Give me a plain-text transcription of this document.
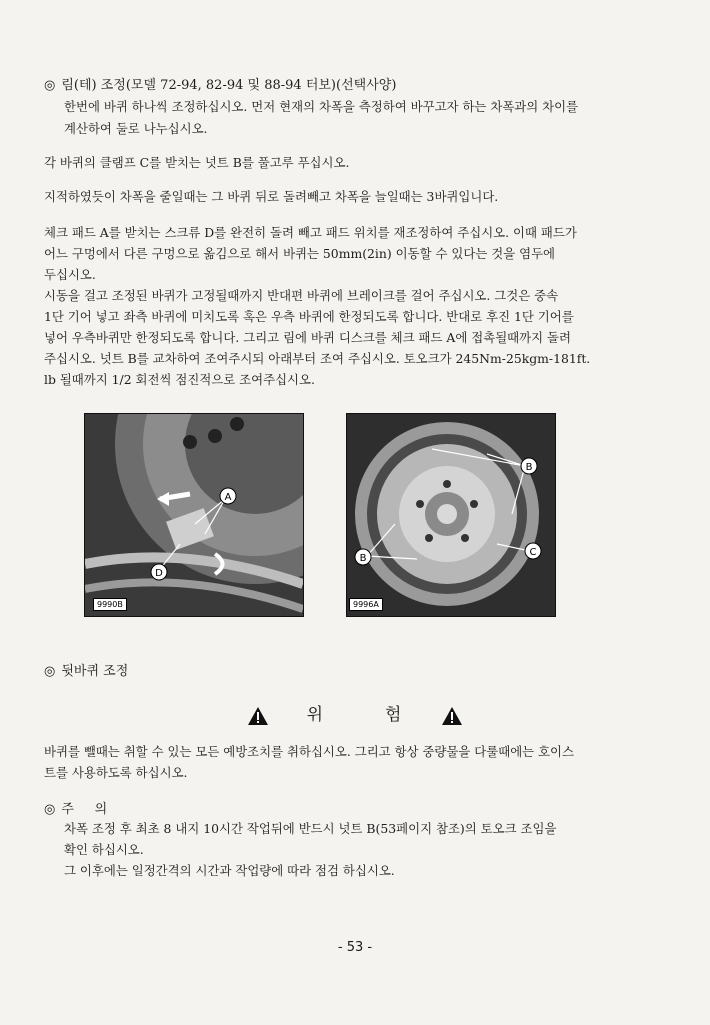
◎ 림(테) 조정(모델 72-94, 82-94 및 88-94 터보)(선택사양)
한번에 바퀴 하나씩 조정하십시오. 먼저 현재의 차폭을 측정하여 바꾸고자 하는 차폭과의 차이를
계산하여 둘로 나누십시오.
각 바퀴의 클램프 C를 받치는 넛트 B를 풀고루 푸십시오.
지적하였듯이 차폭을 줄일때는 그 바퀴 뒤로 돌려빼고 차폭을 늘일때는 3바퀴입니다.
체크 패드 A를 받치는 스크류 D를 완전히 돌려 빼고 패드 위치를 재조정하여 주십시오. 이때 패드가
어느 구멍에서 다른 구멍으로 옮김으로 해서 바퀴는 50mm(2in) 이동할 수 있다는 것을 염두에
두십시오.
시동을 걸고 조정된 바퀴가 고정될때까지 반대편 바퀴에 브레이크를 걸어 주십시오. 그것은 중속
1단 기어 넣고 좌측 바퀴에 미치도록 혹은 우측 바퀴에 한정되도록 합니다. 반대로 후진 1단 기어를
넣어 우측바퀴만 한정되도록 합니다. 그리고 림에 바퀴 디스크를 체크 패드 A에 접촉될때까지 돌려
주십시오. 넛트 B를 교차하여 조여주시되 아래부터 조여 주십시오. 토오크가 245Nm-25kgm-181ft.
lb 될때까지 1/2 회전씩 점진적으로 조여주십시오.
A
D
9990B
B
B
C
9996A
◎ 뒷바퀴 조정
위	험
바퀴를 뺄때는 취할 수 있는 모든 예방조치를 취하십시오. 그리고 항상 중량물을 다룰때에는 호이스
트를 사용하도록 하십시오.
◎ 주     의
차폭 조정 후 최초 8 내지 10시간 작업뒤에 반드시 넛트 B(53페이지 참조)의 토오크 조임을
확인 하십시오.
그 이후에는 일정간격의 시간과 작업량에 따라 점검 하십시오.
- 53 -
